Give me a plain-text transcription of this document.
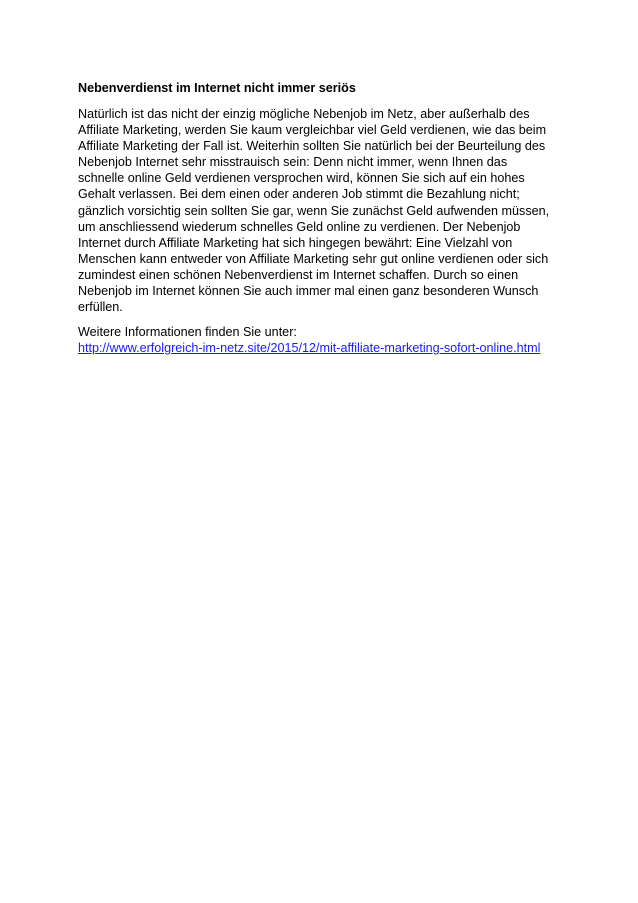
Nebenverdienst im Internet nicht immer seriös

Natürlich ist das nicht der einzig mögliche Nebenjob im Netz, aber außerhalb des
Affiliate Marketing, werden Sie kaum vergleichbar viel Geld verdienen, wie das beim
Affiliate Marketing der Fall ist. Weiterhin sollten Sie natürlich bei der Beurteilung des
Nebenjob Internet sehr misstrauisch sein: Denn nicht immer, wenn Ihnen das
schnelle online Geld verdienen versprochen wird, können Sie sich auf ein hohes
Gehalt verlassen. Bei dem einen oder anderen Job stimmt die Bezahlung nicht;
gänzlich vorsichtig sein sollten Sie gar, wenn Sie zunächst Geld aufwenden müssen,
um anschliessend wiederum schnelles Geld online zu verdienen. Der Nebenjob
Internet durch Affiliate Marketing hat sich hingegen bewährt: Eine Vielzahl von
Menschen kann entweder von Affiliate Marketing sehr gut online verdienen oder sich
zumindest einen schönen Nebenverdienst im Internet schaffen. Durch so einen
Nebenjob im Internet können Sie auch immer mal einen ganz besonderen Wunsch
erfüllen.

Weitere Informationen finden Sie unter:
http://www.erfolgreich-im-netz.site/2015/12/mit-affiliate-marketing-sofort-online.html
